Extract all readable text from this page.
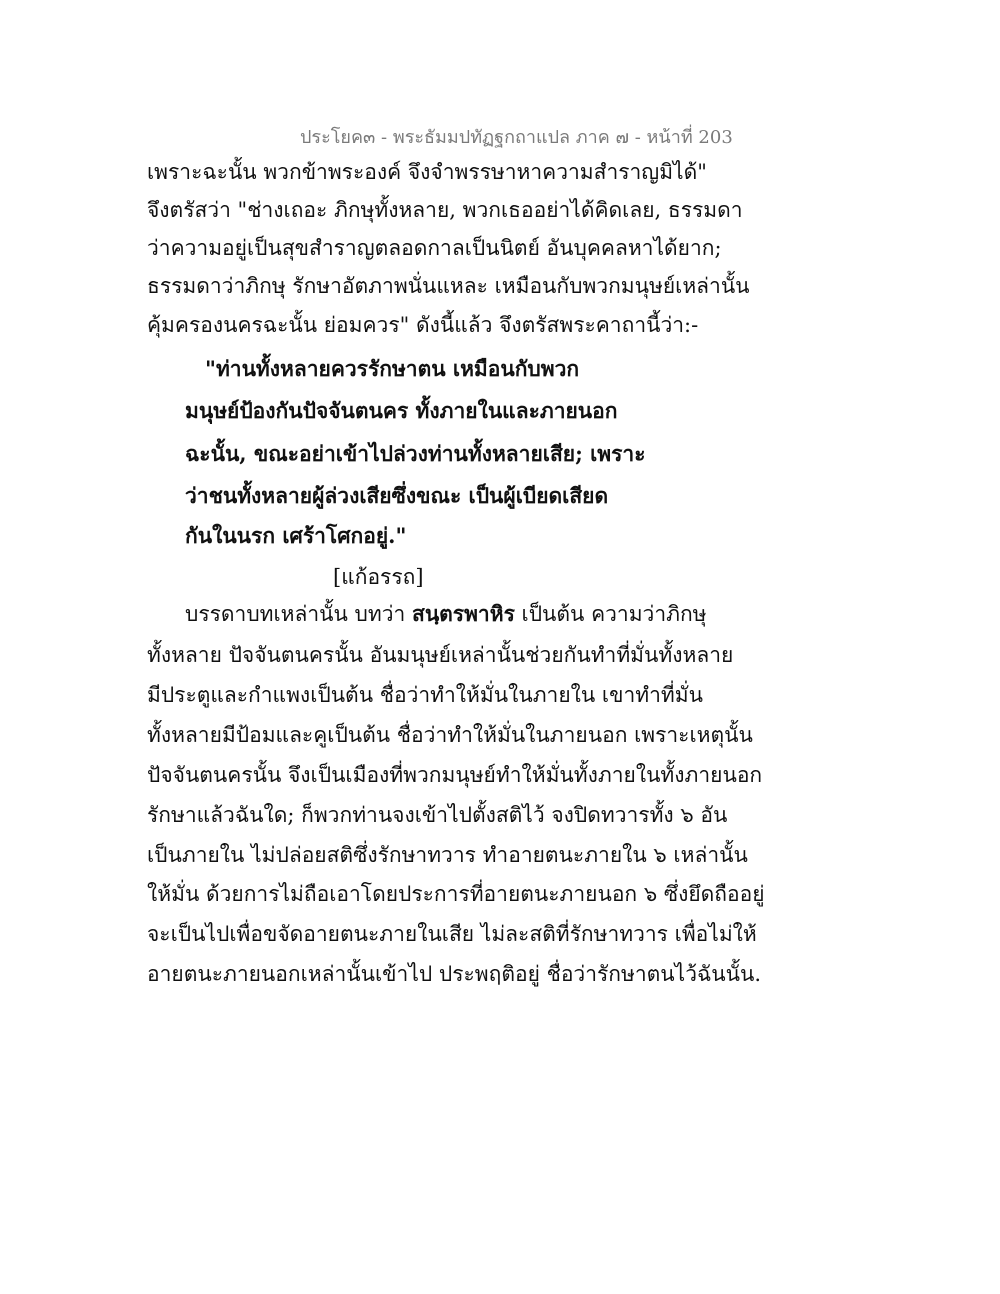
ประโยค๓ - พระธัมมปทัฏฐกถาแปล ภาค ๗ - หน้าที่ 203
เพราะฉะนั้น พวกข้าพระองค์ จึงจำพรรษาหาความสำราญมิได้"
จึงตรัสว่า "ช่างเถอะ ภิกษุทั้งหลาย, พวกเธออย่าได้คิดเลย, ธรรมดา
ว่าความอยู่เป็นสุขสำราญตลอดกาลเป็นนิตย์ อันบุคคลหาได้ยาก;
ธรรมดาว่าภิกษุ รักษาอัตภาพนั่นแหละ เหมือนกับพวกมนุษย์เหล่านั้น
คุ้มครองนครฉะนั้น ย่อมควร" ดังนี้แล้ว จึงตรัสพระคาถานี้ว่า:-
"ท่านทั้งหลายควรรักษาตน เหมือนกับพวก
มนุษย์ป้องกันปัจจันตนคร ทั้งภายในและภายนอก
ฉะนั้น, ขณะอย่าเข้าไปล่วงท่านทั้งหลายเสีย; เพราะ
ว่าชนทั้งหลายผู้ล่วงเสียซึ่งขณะ เป็นผู้เบียดเสียด
กันในนรก เศร้าโศกอยู่."
[แก้อรรถ]
บรรดาบทเหล่านั้น บทว่า สนฺตรพาหิร เป็นต้น ความว่าภิกษุ
ทั้งหลาย ปัจจันตนครนั้น อันมนุษย์เหล่านั้นช่วยกันทำที่มั่นทั้งหลาย
มีประตูและกำแพงเป็นต้น ชื่อว่าทำให้มั่นในภายใน เขาทำที่มั่น
ทั้งหลายมีป้อมและคูเป็นต้น ชื่อว่าทำให้มั่นในภายนอก เพราะเหตุนั้น
ปัจจันตนครนั้น จึงเป็นเมืองที่พวกมนุษย์ทำให้มั่นทั้งภายในทั้งภายนอก
รักษาแล้วฉันใด; ก็พวกท่านจงเข้าไปตั้งสติไว้ จงปิดทวารทั้ง ๖ อัน
เป็นภายใน ไม่ปล่อยสติซึ่งรักษาทวาร ทำอายตนะภายใน ๖ เหล่านั้น
ให้มั่น ด้วยการไม่ถือเอาโดยประการที่อายตนะภายนอก ๖ ซึ่งยึดถืออยู่
จะเป็นไปเพื่อขจัดอายตนะภายในเสีย ไม่ละสติที่รักษาทวาร เพื่อไม่ให้
อายตนะภายนอกเหล่านั้นเข้าไป ประพฤติอยู่ ชื่อว่ารักษาตนไว้ฉันนั้น.
